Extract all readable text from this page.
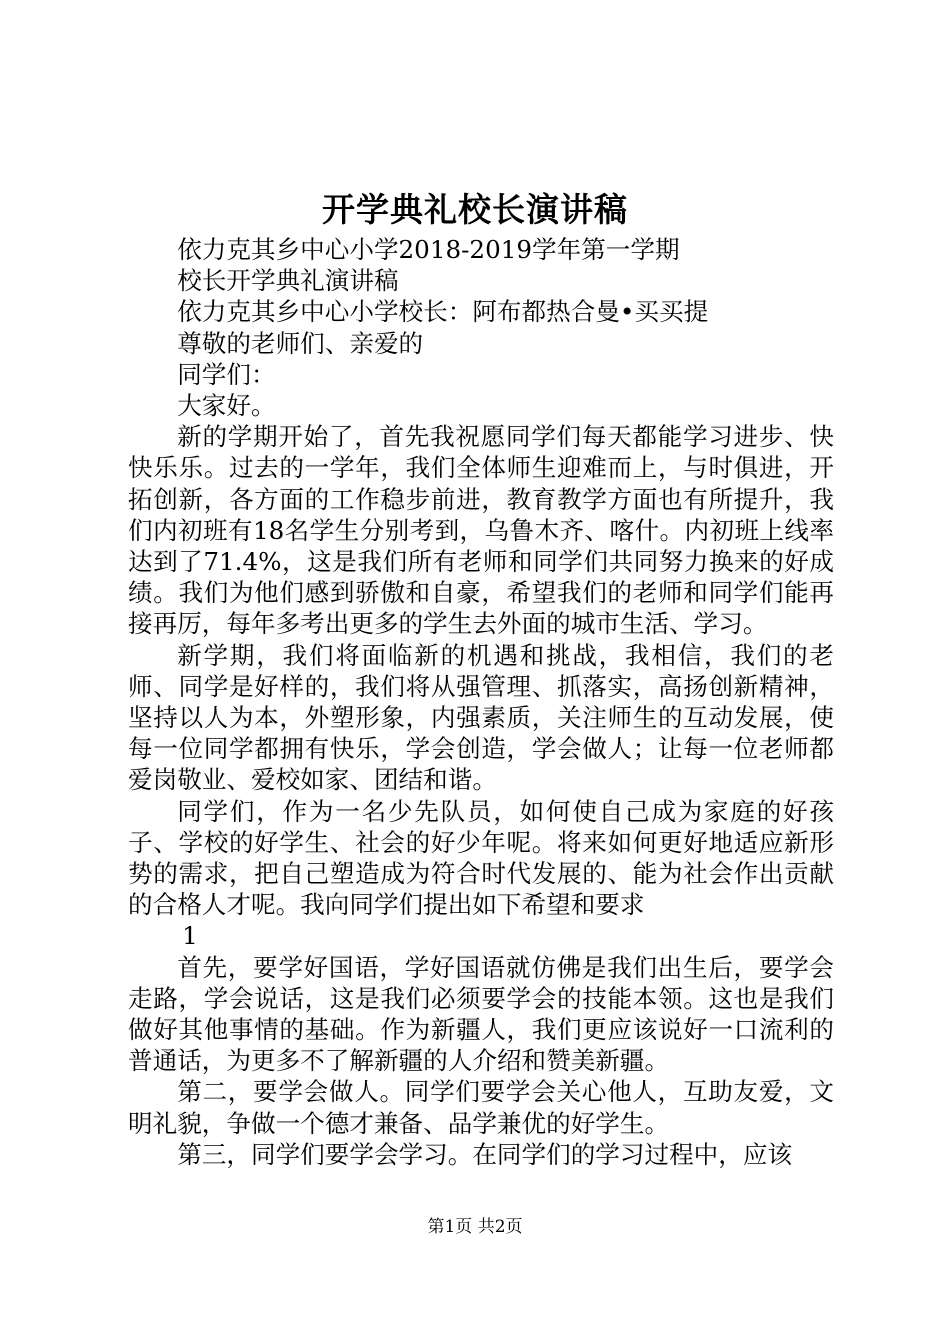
开学典礼校长演讲稿

依力克其乡中心小学2018-2019学年第一学期

校长开学典礼演讲稿

依力克其乡中心小学校长：阿布都热合曼•买买提

尊敬的老师们、亲爱的

同学们：

大家好。

新的学期开始了，首先我祝愿同学们每天都能学习进步、快快乐乐。过去的一学年，我们全体师生迎难而上，与时俱进，开拓创新，各方面的工作稳步前进，教育教学方面也有所提升，我们内初班有18名学生分别考到，乌鲁木齐、喀什。内初班上线率达到了71.4%，这是我们所有老师和同学们共同努力换来的好成绩。我们为他们感到骄傲和自豪，希望我们的老师和同学们能再接再厉，每年多考出更多的学生去外面的城市生活、学习。

新学期，我们将面临新的机遇和挑战，我相信，我们的老师、同学是好样的，我们将从强管理、抓落实，高扬创新精神，坚持以人为本，外塑形象，内强素质，关注师生的互动发展，使每一位同学都拥有快乐，学会创造，学会做人；让每一位老师都爱岗敬业、爱校如家、团结和谐。

同学们，作为一名少先队员，如何使自己成为家庭的好孩子、学校的好学生、社会的好少年呢。将来如何更好地适应新形势的需求，把自己塑造成为符合时代发展的、能为社会作出贡献的合格人才呢。我向同学们提出如下希望和要求

1

首先，要学好国语，学好国语就仿佛是我们出生后，要学会走路，学会说话，这是我们必须要学会的技能本领。这也是我们做好其他事情的基础。作为新疆人，我们更应该说好一口流利的普通话，为更多不了解新疆的人介绍和赞美新疆。

第二，要学会做人。同学们要学会关心他人，互助友爱，文明礼貌，争做一个德才兼备、品学兼优的好学生。

第三，同学们要学会学习。在同学们的学习过程中，应该

第1页 共2页
